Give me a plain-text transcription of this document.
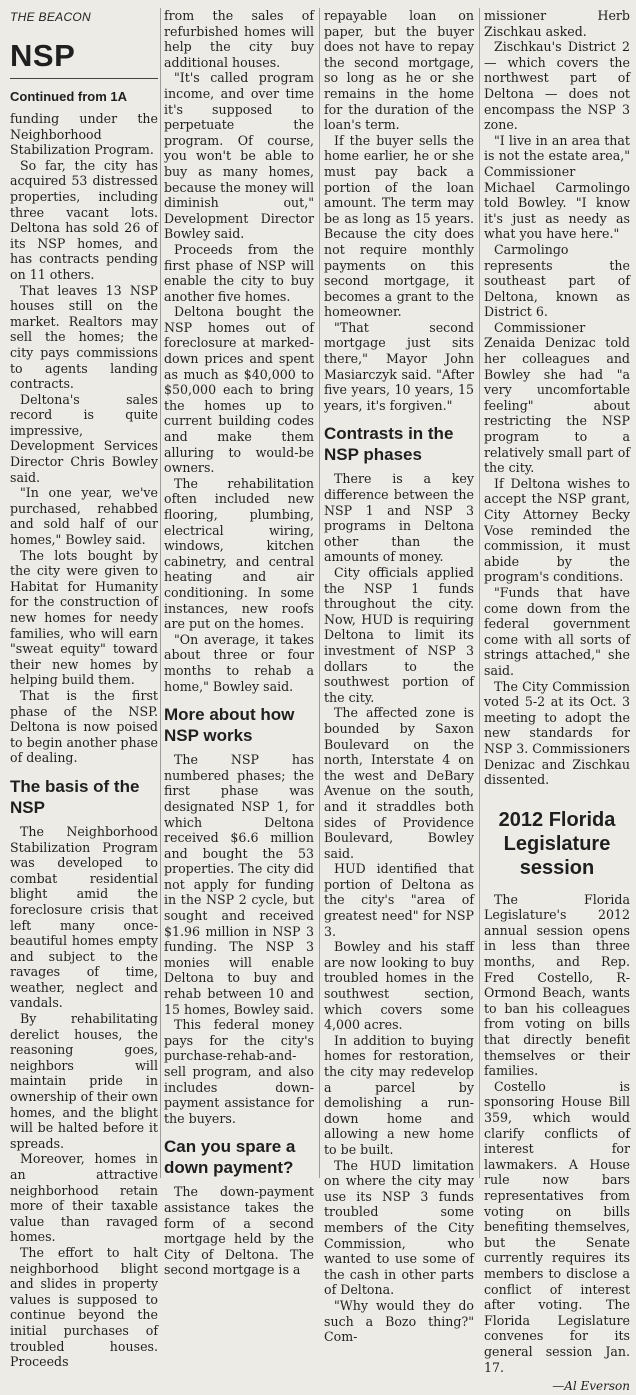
THE BEACON
NSP
Continued from 1A

funding under the Neighborhood Stabilization Program.

So far, the city has acquired 53 distressed properties, including three vacant lots. Deltona has sold 26 of its NSP homes, and has contracts pending on 11 others.

That leaves 13 NSP houses still on the market. Realtors may sell the homes; the city pays commissions to agents landing contracts.

Deltona's sales record is quite impressive, Development Services Director Chris Bowley said.

"In one year, we've purchased, rehabbed and sold half of our homes," Bowley said.

The lots bought by the city were given to Habitat for Humanity for the construction of new homes for needy families, who will earn "sweat equity" toward their new homes by helping build them.

That is the first phase of the NSP. Deltona is now poised to begin another phase of dealing.

The basis of the NSP

The Neighborhood Stabilization Program was developed to combat residential blight amid the foreclosure crisis that left many once-beautiful homes empty and subject to the ravages of time, weather, neglect and vandals.

By rehabilitating derelict houses, the reasoning goes, neighbors will maintain pride in ownership of their own homes, and the blight will be halted before it spreads.

Moreover, homes in an attractive neighborhood retain more of their taxable value than ravaged homes.

The effort to halt neighborhood blight and slides in property values is supposed to continue beyond the initial purchases of troubled houses. Proceeds

from the sales of refurbished homes will help the city buy additional houses.

"It's called program income, and over time it's supposed to perpetuate the program. Of course, you won't be able to buy as many homes, because the money will diminish out," Development Director Bowley said.

Proceeds from the first phase of NSP will enable the city to buy another five homes.

Deltona bought the NSP homes out of foreclosure at marked-down prices and spent as much as $40,000 to $50,000 each to bring the homes up to current building codes and make them alluring to would-be owners.

The rehabilitation often included new flooring, plumbing, electrical wiring, windows, kitchen cabinetry, and central heating and air conditioning. In some instances, new roofs are put on the homes.

"On average, it takes about three or four months to rehab a home," Bowley said.

More about how NSP works

The NSP has numbered phases; the first phase was designated NSP 1, for which Deltona received $6.6 million and bought the 53 properties. The city did not apply for funding in the NSP 2 cycle, but sought and received $1.96 million in NSP 3 funding. The NSP 3 monies will enable Deltona to buy and rehab between 10 and 15 homes, Bowley said.

This federal money pays for the city's purchase-rehab-and-sell program, and also includes down-payment assistance for the buyers.

Can you spare a down payment?

The down-payment assistance takes the form of a second mortgage held by the City of Deltona. The second mortgage is a

repayable loan on paper, but the buyer does not have to repay the second mortgage, so long as he or she remains in the home for the duration of the loan's term.

If the buyer sells the home earlier, he or she must pay back a portion of the loan amount. The term may be as long as 15 years. Because the city does not require monthly payments on this second mortgage, it becomes a grant to the homeowner.

"That second mortgage just sits there," Mayor John Masiarczyk said. "After five years, 10 years, 15 years, it's forgiven."

Contrasts in the NSP phases

There is a key difference between the NSP 1 and NSP 3 programs in Deltona other than the amounts of money.

City officials applied the NSP 1 funds throughout the city. Now, HUD is requiring Deltona to limit its investment of NSP 3 dollars to the southwest portion of the city.

The affected zone is bounded by Saxon Boulevard on the north, Interstate 4 on the west and DeBary Avenue on the south, and it straddles both sides of Providence Boulevard, Bowley said.

HUD identified that portion of Deltona as the city's "area of greatest need" for NSP 3.

Bowley and his staff are now looking to buy troubled homes in the southwest section, which covers some 4,000 acres.

In addition to buying homes for restoration, the city may redevelop a parcel by demolishing a run-down home and allowing a new home to be built.

The HUD limitation on where the city may use its NSP 3 funds troubled some members of the City Commission, who wanted to use some of the cash in other parts of Deltona.

"Why would they do such a Bozo thing?" Com-

missioner Herb Zischkau asked.

Zischkau's District 2 — which covers the northwest part of Deltona — does not encompass the NSP 3 zone.

"I live in an area that is not the estate area," Commissioner Michael Carmolingo told Bowley. "I know it's just as needy as what you have here."

Carmolingo represents the southeast part of Deltona, known as District 6.

Commissioner Zenaida Denizac told her colleagues and Bowley she had "a very uncomfortable feeling" about restricting the NSP program to a relatively small part of the city.

If Deltona wishes to accept the NSP grant, City Attorney Becky Vose reminded the commission, it must abide by the program's conditions.

"Funds that have come down from the federal government come with all sorts of strings attached," she said.

The City Commission voted 5-2 at its Oct. 3 meeting to adopt the new standards for NSP 3. Commissioners Denizac and Zischkau dissented.

2012 Florida Legislature session

The Florida Legislature's 2012 annual session opens in less than three months, and Rep. Fred Costello, R-Ormond Beach, wants to ban his colleagues from voting on bills that directly benefit themselves or their families.

Costello is sponsoring House Bill 359, which would clarify conflicts of interest for lawmakers. A House rule now bars representatives from voting on bills benefiting themselves, but the Senate currently requires its members to disclose a conflict of interest after voting. The Florida Legislature convenes for its general session Jan. 17.

—Al Everson
